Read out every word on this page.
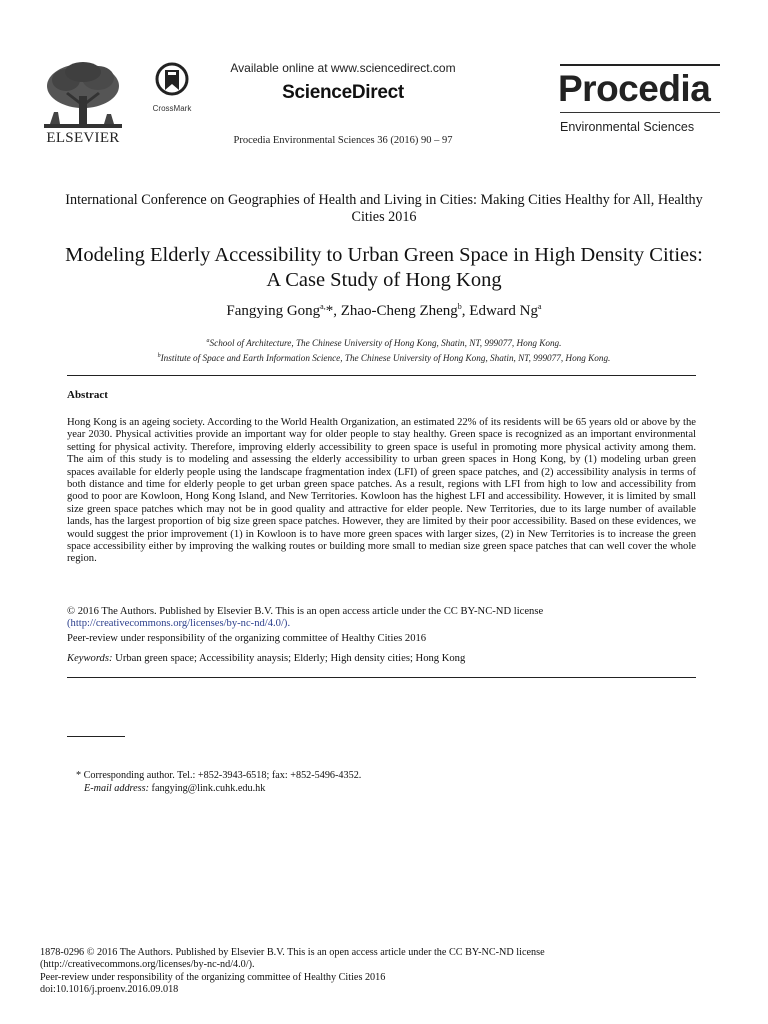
ELSEVIER
CrossMark
Available online at www.sciencedirect.com
ScienceDirect
Procedia Environmental Sciences 36 (2016) 90 – 97
Procedia
Environmental Sciences
International Conference on Geographies of Health and Living in Cities: Making Cities Healthy for All, Healthy Cities 2016
Modeling Elderly Accessibility to Urban Green Space in High Density Cities: A Case Study of Hong Kong
Fangying Gong$^{a,}$*, Zhao-Cheng Zheng$^b$, Edward Ng$^a$
$^a$School of Architecture, The Chinese University of Hong Kong, Shatin, NT, 999077, Hong Kong.
$^b$Institute of Space and Earth Information Science, The Chinese University of Hong Kong, Shatin, NT, 999077, Hong Kong.
Abstract
Hong Kong is an ageing society. According to the World Health Organization, an estimated 22% of its residents will be 65 years old or above by the year 2030. Physical activities provide an important way for older people to stay healthy. Green space is recognized as an important environmental setting for physical activity. Therefore, improving elderly accessibility to green space is useful in promoting more physical activity among them. The aim of this study is to modeling and assessing the elderly accessibility to urban green spaces in Hong Kong, by (1) modeling urban green spaces available for elderly people using the landscape fragmentation index (LFI) of green space patches, and (2) accessibility analysis in terms of both distance and time for elderly people to get urban green space patches. As a result, regions with LFI from high to low and accessibility from good to poor are Kowloon, Hong Kong Island, and New Territories. Kowloon has the highest LFI and accessibility. However, it is limited by small size green space patches which may not be in good quality and attractive for elder people. New Territories, due to its large number of available lands, has the largest proportion of big size green space patches. However, they are limited by their poor accessibility. Based on these evidences, we would suggest the prior improvement (1) in Kowloon is to have more green spaces with larger sizes, (2) in New Territories is to increase the green space accessibility either by improving the walking routes or building more small to median size green space patches that can well cover the whole region.
© 2016 The Authors. Published by Elsevier B.V. This is an open access article under the CC BY-NC-ND license
(http://creativecommons.org/licenses/by-nc-nd/4.0/).
Peer-review under responsibility of the organizing committee of Healthy Cities 2016
Keywords: Urban green space; Accessibility anaysis; Elderly; High density cities; Hong Kong
* Corresponding author. Tel.: +852-3943-6518; fax: +852-5496-4352.
E-mail address: fangying@link.cuhk.edu.hk
1878-0296 © 2016 The Authors. Published by Elsevier B.V. This is an open access article under the CC BY-NC-ND license
(http://creativecommons.org/licenses/by-nc-nd/4.0/).
Peer-review under responsibility of the organizing committee of Healthy Cities 2016
doi:10.1016/j.proenv.2016.09.018
